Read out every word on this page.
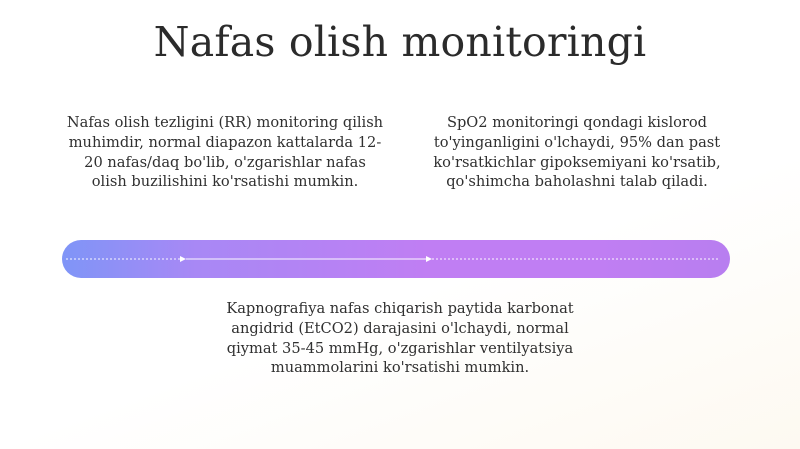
Nafas olish monitoringi
Nafas olish tezligini (RR) monitoring qilish muhimdir, normal diapazon kattalarda 12-20 nafas/daq bo'lib, o'zgarishlar nafas olish buzilishini ko'rsatishi mumkin.
SpO2 monitoringi qondagi kislorod to'yinganligini o'lchaydi, 95% dan past ko'rsatkichlar gipoksemiyani ko'rsatib, qo'shimcha baholashni talab qiladi.
Kapnografiya nafas chiqarish paytida karbonat angidrid (EtCO2) darajasini o'lchaydi, normal qiymat 35-45 mmHg, o'zgarishlar ventilyatsiya muammolarini ko'rsatishi mumkin.
